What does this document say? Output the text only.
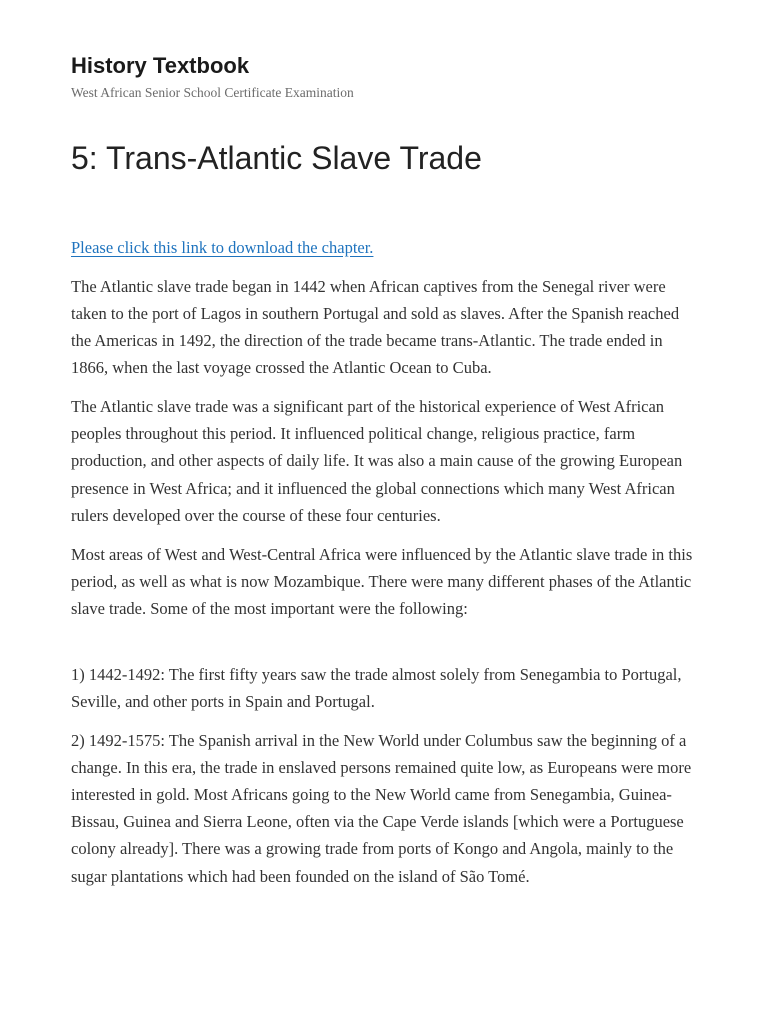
History Textbook

West African Senior School Certificate Examination

5: Trans-Atlantic Slave Trade

Please click this link to download the chapter.

The Atlantic slave trade began in 1442 when African captives from the Senegal river were taken to the port of Lagos in southern Portugal and sold as slaves. After the Spanish reached the Americas in 1492, the direction of the trade became trans-Atlantic. The trade ended in 1866, when the last voyage crossed the Atlantic Ocean to Cuba.

The Atlantic slave trade was a significant part of the historical experience of West African peoples throughout this period. It influenced political change, religious practice, farm production, and other aspects of daily life. It was also a main cause of the growing European presence in West Africa; and it influenced the global connections which many West African rulers developed over the course of these four centuries.

Most areas of West and West-Central Africa were influenced by the Atlantic slave trade in this period, as well as what is now Mozambique. There were many different phases of the Atlantic slave trade. Some of the most important were the following:

1) 1442-1492: The first fifty years saw the trade almost solely from Senegambia to Portugal, Seville, and other ports in Spain and Portugal.

2) 1492-1575: The Spanish arrival in the New World under Columbus saw the beginning of a change. In this era, the trade in enslaved persons remained quite low, as Europeans were more interested in gold. Most Africans going to the New World came from Senegambia, Guinea-Bissau, Guinea and Sierra Leone, often via the Cape Verde islands [which were a Portuguese colony already]. There was a growing trade from ports of Kongo and Angola, mainly to the sugar plantations which had been founded on the island of São Tomé.
